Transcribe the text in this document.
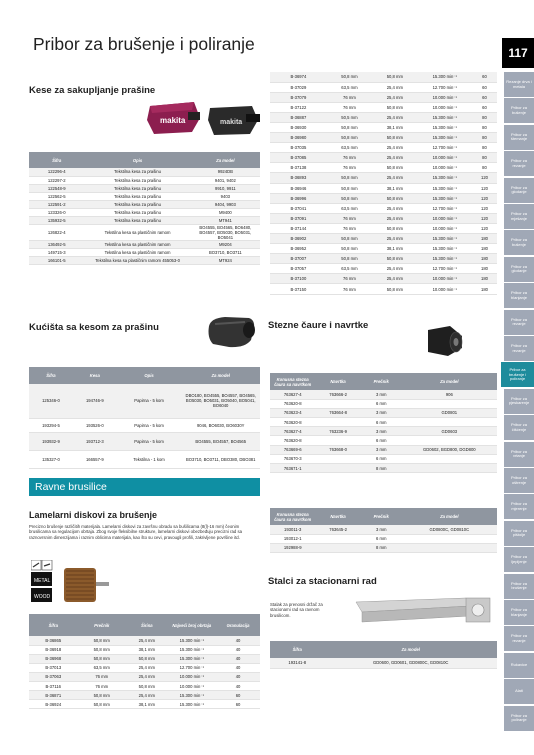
Pribor za brušenje i poliranje	117
Rezanje drva i metala
Pribor za bušenje
Pribor za štemanje
Pribor za rezanje
Pribor za glodanje
Pribor za mješanje
Pribor za bušenje
Pribor za glodanje
Pribor za blanjanje
Pribor za rezanje
Pribor za rezanje
Pribor za brušenje i poliranje
Pribor za pjeskarenje
Pribor za čišćenje
Pribor za vrtanje
Pribor za oštrenje
Pribor za mjerenje
Pribor za pištolje
Pribor za ljepljenje
Pribor za brušenje
Pribor za blanjanje
Pribor za rezanje
Rukavice
Alati
Pribor za poliranje
Kese za sakupljanje prašine
makita	makita
Šifra	Opis	Za model
122296-4	Tekstilna kesa za prašinu	9924DB
122297-2	Tekstilna kesa za prašinu	9401, 9402
122548-9	Tekstilna kesa za prašinu	9910, 9911
122562-5	Tekstilna kesa za prašinu	9403
122591-2	Tekstilna kesa za prašinu	9404, 9903
123326-0	Tekstilna kesa za prašinu	M9400
135932-5	Tekstilna kesa za prašinu	MT941
126822-4	Tekstilna kesa sa plastičnim ramom	BO4555, BO4565, BO6480, BO4557, BO5030, BO5031, BO5041
136492-5	Tekstilna kesa sa plastičnim ramom	M9204
149715-3	Tekstilna kesa sa plastičnim ramom	BO3710, BO3711
166101-5	Tekstilna kesa sa plastičnim ramom 455053-0	MT924
Kućišta sa kesom za prašinu
Šifra	Kesa	Opis	Za model
125346-0	194746-9	Papirna - 5 kom	DBO180, BO4555, BO4557, BO4565, BO5030, BO5031, BO5040, BO5041, BO6040
193294-5	193526-0	Papirna - 5 kom	9046, BO6030, BO6030Y
193932-9	193712-3	Papirna - 5 kom	BO4555, BO4557, BO4565
135327-0	166557-9	Tekstilna - 1 kom	BO3710, BO3711, DBO380, DBO381
Ravne brusilice
Lamelarni diskovi za brušenje
Precizno brušenje različitih materijala. Lamelarni diskovi za završnu obradu sa bušilicama (8(l)-16 mm) čeonim brusilicama sa regulacijom obrtaja. Zbog svoje fleksibilne strukture, lamelarni diskovi obezbeđuju precizni rad sa raznovrsnim dimenzijama i raznim oblicima materijala, kao što su cevi, pravougli profili, zakrivljene površine itd.
METAL
WOOD
Šifra	Prečnik	Širina	Najveći broj obrtaja	Granulacija
B-36865	50,8 mm	25,4 mm	15.300 min⁻¹	40
B-36918	50,8 mm	38,1 mm	15.300 min⁻¹	40
B-36968	50,8 mm	50,8 mm	15.300 min⁻¹	40
B-37013	63,5 mm	25,4 mm	12.700 min⁻¹	40
B-37063	76 mm	25,4 mm	10.000 min⁻¹	40
B-37116	76 mm	50,8 mm	10.000 min⁻¹	40
B-36871	50,8 mm	25,4 mm	15.300 min⁻¹	60
B-36924	50,8 mm	38,1 mm	15.300 min⁻¹	60
B-36974	50,8 mm	50,8 mm	15.300 min⁻¹	60
B-37029	63,5 mm	25,4 mm	12.700 min⁻¹	60
B-37079	76 mm	25,4 mm	10.000 min⁻¹	60
B-37122	76 mm	50,8 mm	10.000 min⁻¹	60
B-36887	50,5 mm	25,4 mm	15.300 min⁻¹	80
B-36930	50,8 mm	38,1 mm	15.300 min⁻¹	80
B-36980	50,8 mm	50,8 mm	15.300 min⁻¹	80
B-37035	63,5 mm	25,4 mm	12.700 min⁻¹	80
B-37085	76 mm	25,4 mm	10.000 min⁻¹	80
B-37138	76 mm	50,8 mm	10.000 min⁻¹	80
B-36893	50,8 mm	25,4 mm	15.300 min⁻¹	120
B-36946	50,8 mm	38,1 mm	15.300 min⁻¹	120
B-36996	50,8 mm	50,8 mm	15.300 min⁻¹	120
B-37041	63,5 mm	25,4 mm	12.700 min⁻¹	120
B-37091	76 mm	25,4 mm	10.000 min⁻¹	120
B-37144	76 mm	50,8 mm	10.000 min⁻¹	120
B-36902	50,8 mm	25,4 mm	15.300 min⁻¹	180
B-36952	50,8 mm	38,1 mm	15.300 min⁻¹	180
B-37007	50,8 mm	50,8 mm	15.300 min⁻¹	180
B-37057	63,5 mm	25,4 mm	12.700 min⁻¹	180
B-37100	76 mm	25,4 mm	10.000 min⁻¹	180
B-37150	76 mm	50,8 mm	10.000 min⁻¹	180
Stezne čaure i navrtke
Konusna stezna čaura sa navrtkom	Navrtka	Prečnik	Za model
763627-4	763666-2	3 mm	906
763620-8		6 mm	
763623-4	763664-8	3 mm	GD0801
763620-8		6 mm	
763627-4	763236-9	3 mm	GD0603
763620-8		6 mm	
763669-6	763668-0	3 mm	GD0602, BGD800, DGD800
763670-3		6 mm	
763671-1		8 mm	
Konusna stezna čaura sa navrtkom	Navrtka	Prečnik	Za model
193011-3	763645-2	3 mm	GD0800C, GD0810C
193012-1		6 mm	
192988-9		8 mm	
Stalci za stacionarni rad
Stalak za prenosni držač za stacionarni rad sa ravnom brusilicom.
Šifra	Za model
193141-8	GD0600, GD0601, GD0800C, GD0810C
